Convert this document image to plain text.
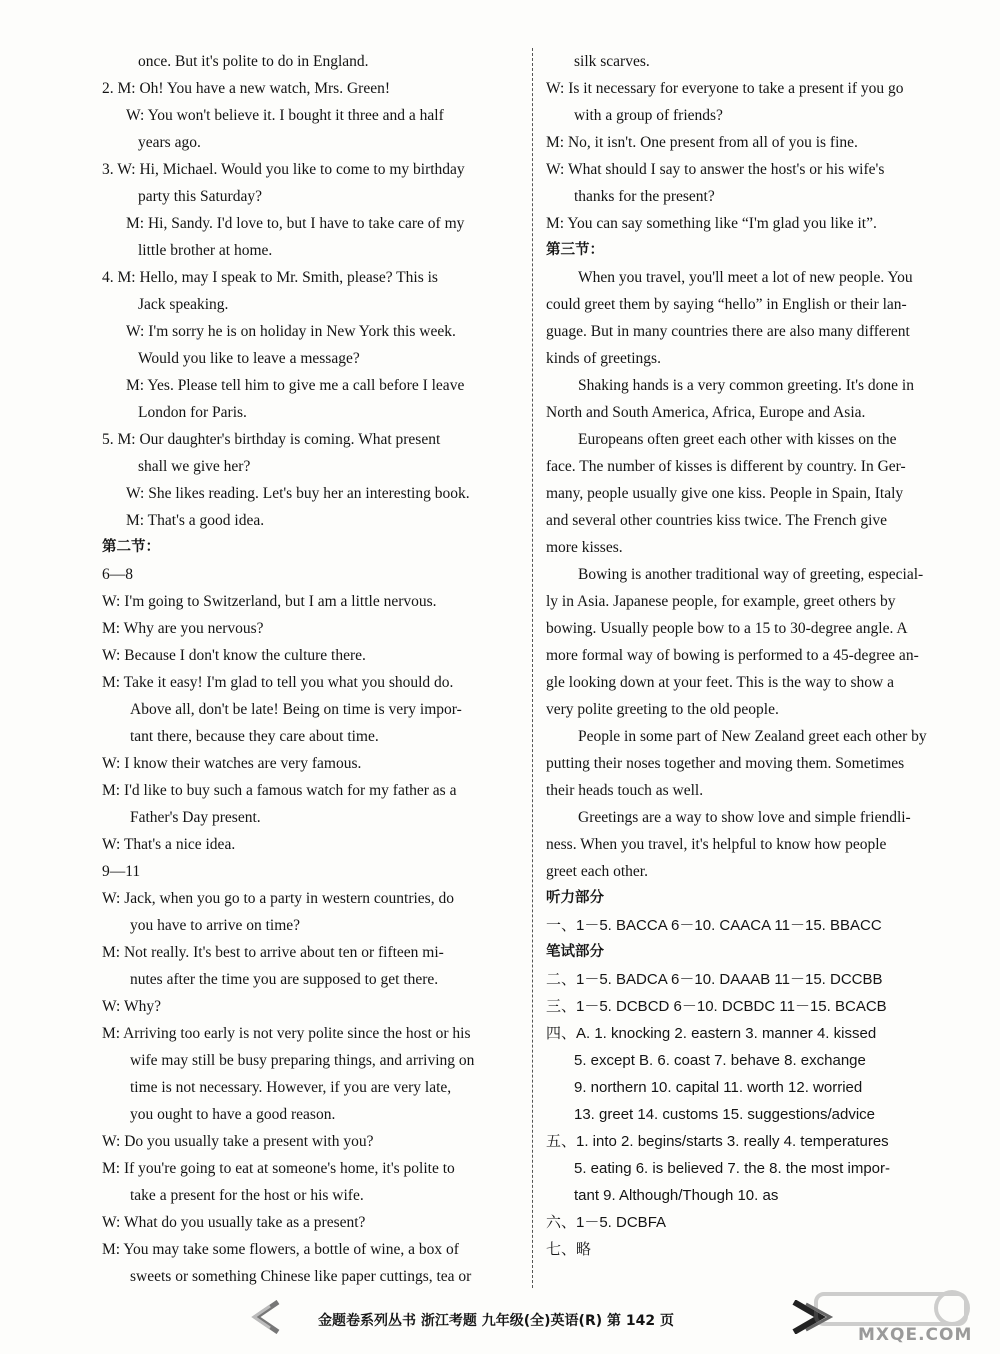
once. But it's polite to do in England.
2. M: Oh! You have a new watch, Mrs. Green!
W: You won't believe it. I bought it three and a half
years ago.
3. W: Hi, Michael. Would you like to come to my birthday
party this Saturday?
M: Hi, Sandy. I'd love to, but I have to take care of my
little brother at home.
4. M: Hello, may I speak to Mr. Smith, please? This is
Jack speaking.
W: I'm sorry he is on holiday in New York this week.
Would you like to leave a message?
M: Yes. Please tell him to give me a call before I leave
London for Paris.
5. M: Our daughter's birthday is coming. What present
shall we give her?
W: She likes reading. Let's buy her an interesting book.
M: That's a good idea.
第二节：
6—8
W: I'm going to Switzerland, but I am a little nervous.
M: Why are you nervous?
W: Because I don't know the culture there.
M: Take it easy! I'm glad to tell you what you should do.
Above all, don't be late! Being on time is very impor-
tant there, because they care about time.
W: I know their watches are very famous.
M: I'd like to buy such a famous watch for my father as a
Father's Day present.
W: That's a nice idea.
9—11
W: Jack, when you go to a party in western countries, do
you have to arrive on time?
M: Not really. It's best to arrive about ten or fifteen mi-
nutes after the time you are supposed to get there.
W: Why?
M: Arriving too early is not very polite since the host or his
wife may still be busy preparing things, and arriving on
time is not necessary. However, if you are very late,
you ought to have a good reason.
W: Do you usually take a present with you?
M: If you're going to eat at someone's home, it's polite to
take a present for the host or his wife.
W: What do you usually take as a present?
M: You may take some flowers, a bottle of wine, a box of
sweets or something Chinese like paper cuttings, tea or
silk scarves.
W: Is it necessary for everyone to take a present if you go
with a group of friends?
M: No, it isn't. One present from all of you is fine.
W: What should I say to answer the host's or his wife's
thanks for the present?
M: You can say something like “I'm glad you like it”.
第三节：
When you travel, you'll meet a lot of new people. You
could greet them by saying “hello” in English or their lan-
guage. But in many countries there are also many different
kinds of greetings.
Shaking hands is a very common greeting. It's done in
North and South America, Africa, Europe and Asia.
Europeans often greet each other with kisses on the
face. The number of kisses is different by country. In Ger-
many, people usually give one kiss. People in Spain, Italy
and several other countries kiss twice. The French give
more kisses.
Bowing is another traditional way of greeting, especial-
ly in Asia. Japanese people, for example, greet others by
bowing. Usually people bow to a 15 to 30-degree angle. A
more formal way of bowing is performed to a 45-degree an-
gle looking down at your feet. This is the way to show a
very polite greeting to the old people.
People in some part of New Zealand greet each other by
putting their noses together and moving them. Sometimes
their heads touch as well.
Greetings are a way to show love and simple friendli-
ness. When you travel, it's helpful to know how people
greet each other.
听力部分
一、1－5. BACCA 6－10. CAACA 11－15. BBACC
笔试部分
二、1－5. BADCA 6－10. DAAAB 11－15. DCCBB
三、1－5. DCBCD 6－10. DCBDC 11－15. BCACB
四、A. 1. knocking 2. eastern 3. manner 4. kissed
5. except B. 6. coast 7. behave 8. exchange
9. northern 10. capital 11. worth 12. worried
13. greet 14. customs 15. suggestions/advice
五、1. into 2. begins/starts 3. really 4. temperatures
5. eating 6. is believed 7. the 8. the most impor-
tant 9. Although/Though 10. as
六、1－5. DCBFA
七、略
金题卷系列丛书 浙江考题 九年级(全)英语(R) 第 142 页
MXQE.COM
